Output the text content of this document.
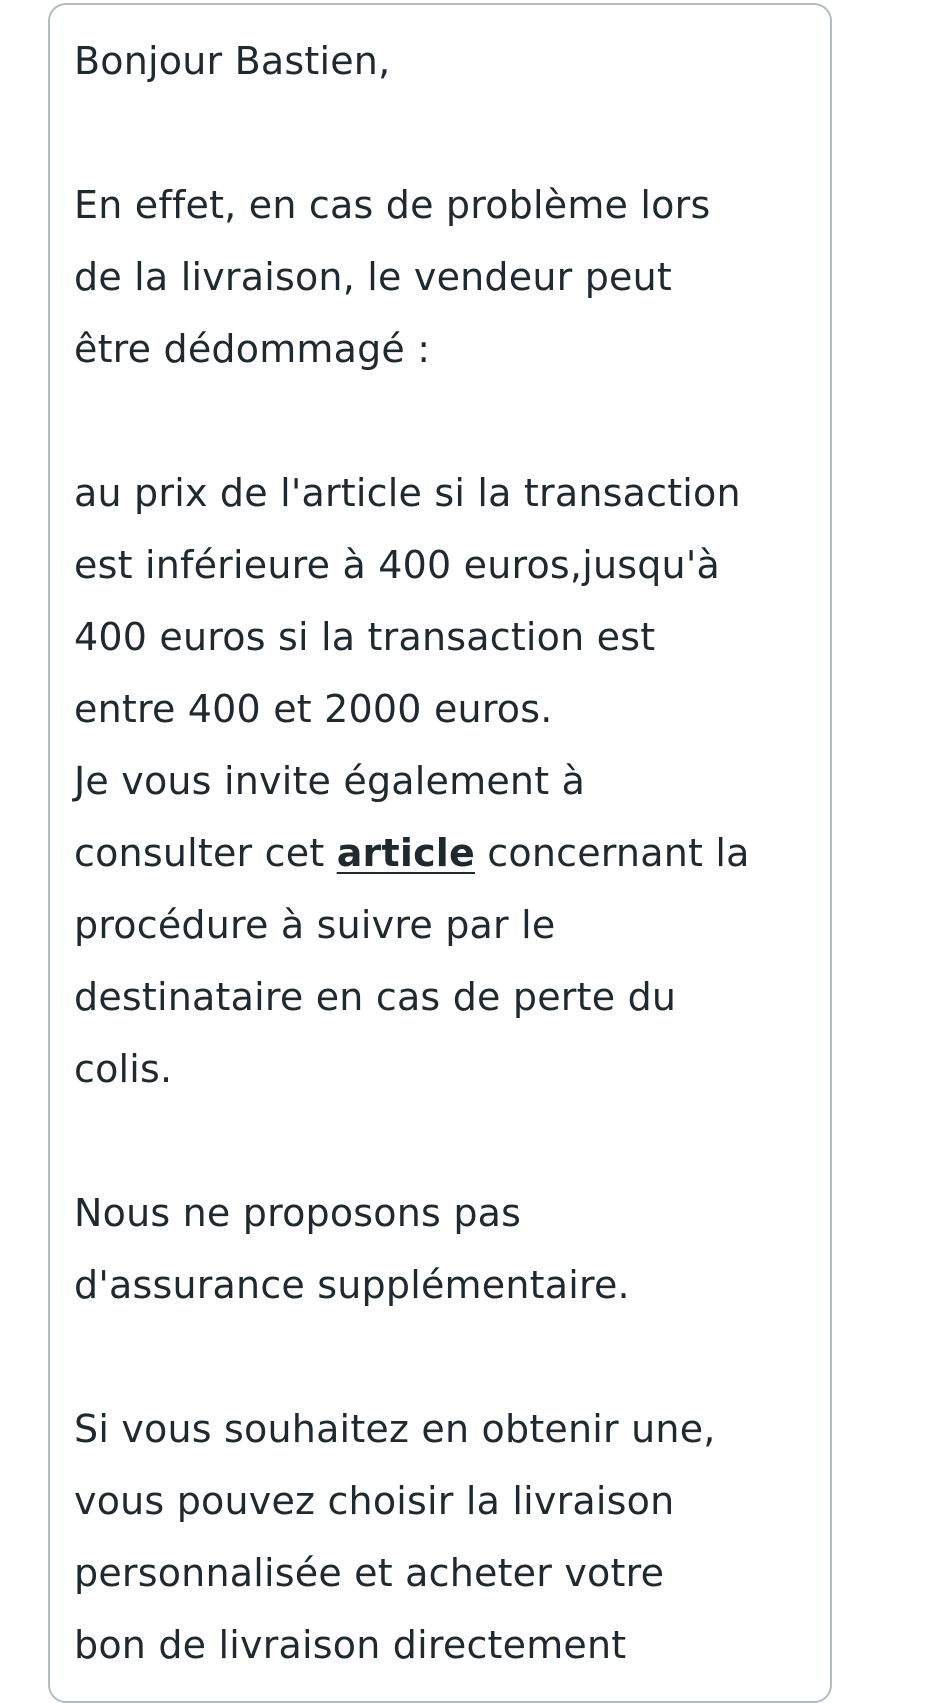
Bonjour Bastien,
En effet, en cas de problème lors
de la livraison, le vendeur peut
être dédommagé :
au prix de l'article si la transaction
est inférieure à 400 euros,jusqu'à
400 euros si la transaction est
entre 400 et 2000 euros.
Je vous invite également à
consulter cet article concernant la
procédure à suivre par le
destinataire en cas de perte du
colis.
Nous ne proposons pas
d'assurance supplémentaire.
Si vous souhaitez en obtenir une,
vous pouvez choisir la livraison
personnalisée et acheter votre
bon de livraison directement
